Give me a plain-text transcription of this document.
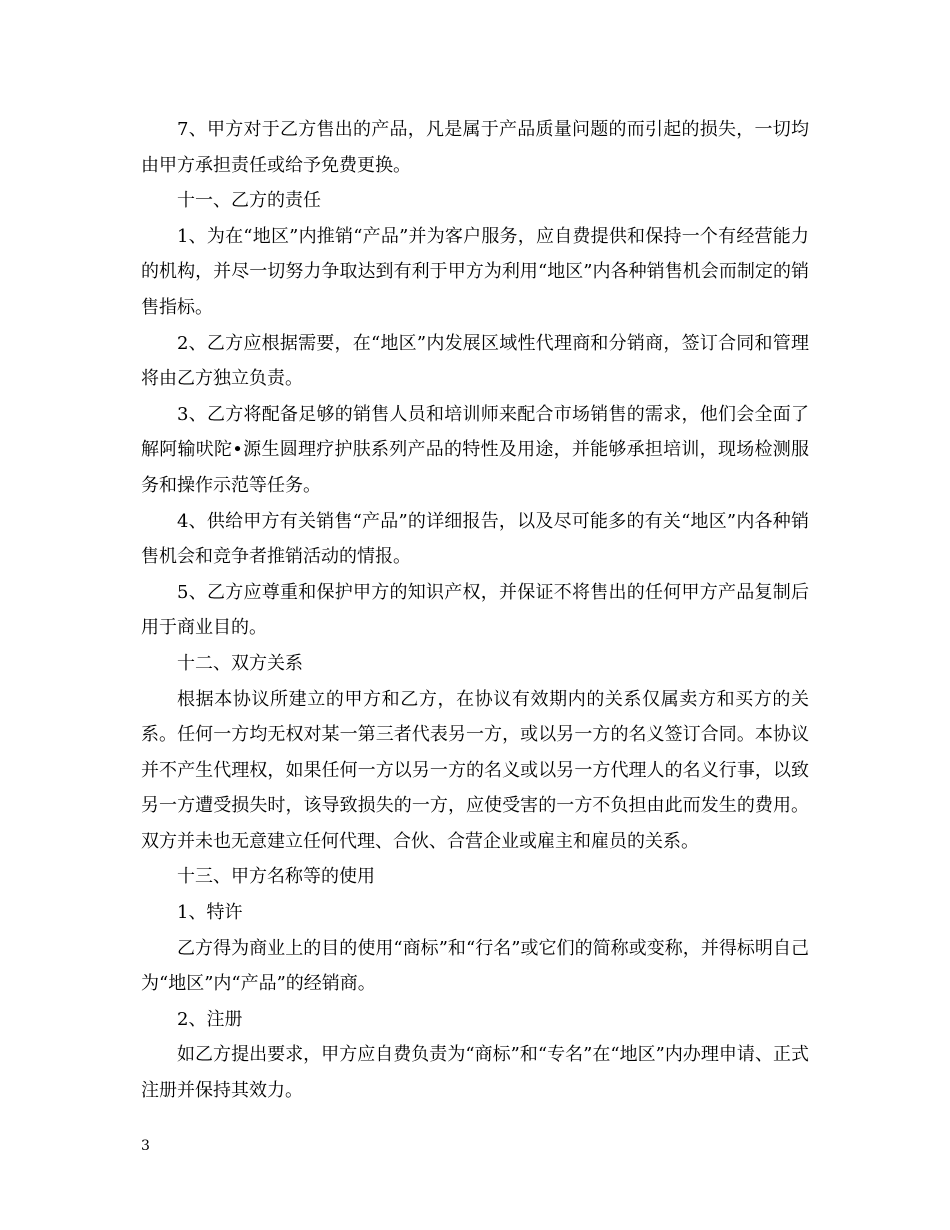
7、甲方对于乙方售出的产品，凡是属于产品质量问题的而引起的损失，一切均由甲方承担责任或给予免费更换。

十一、乙方的责任

1、为在“地区”内推销“产品”并为客户服务，应自费提供和保持一个有经营能力的机构，并尽一切努力争取达到有利于甲方为利用“地区”内各种销售机会而制定的销售指标。

2、乙方应根据需要，在“地区”内发展区域性代理商和分销商，签订合同和管理将由乙方独立负责。

3、乙方将配备足够的销售人员和培训师来配合市场销售的需求，他们会全面了解阿输吠陀•源生圆理疗护肤系列产品的特性及用途，并能够承担培训，现场检测服务和操作示范等任务。

4、供给甲方有关销售“产品”的详细报告，以及尽可能多的有关“地区”内各种销售机会和竞争者推销活动的情报。

5、乙方应尊重和保护甲方的知识产权，并保证不将售出的任何甲方产品复制后用于商业目的。

十二、双方关系

根据本协议所建立的甲方和乙方，在协议有效期内的关系仅属卖方和买方的关系。任何一方均无权对某一第三者代表另一方，或以另一方的名义签订合同。本协议并不产生代理权，如果任何一方以另一方的名义或以另一方代理人的名义行事，以致另一方遭受损失时，该导致损失的一方，应使受害的一方不负担由此而发生的费用。双方并未也无意建立任何代理、合伙、合营企业或雇主和雇员的关系。

十三、甲方名称等的使用

1、特许

乙方得为商业上的目的使用“商标”和“行名”或它们的简称或变称，并得标明自己为“地区”内“产品”的经销商。

2、注册

如乙方提出要求，甲方应自费负责为“商标”和“专名”在“地区”内办理申请、正式注册并保持其效力。

3
